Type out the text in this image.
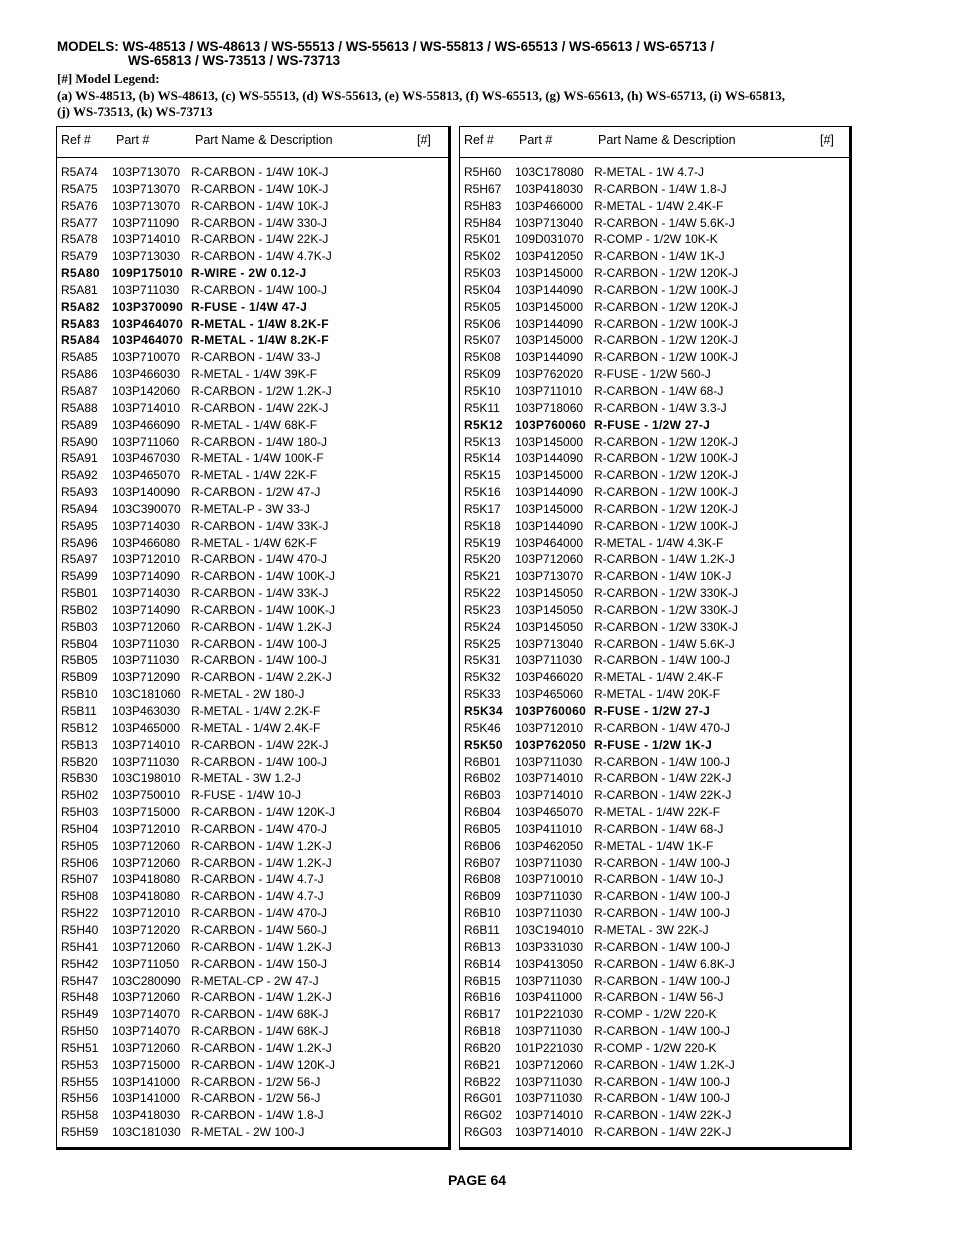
MODELS: WS-48513 / WS-48613 / WS-55513 / WS-55613 / WS-55813 / WS-65513 / WS-65613 / WS-65713 /
WS-65813 / WS-73513 / WS-73713
[#] Model Legend:
(a) WS-48513, (b) WS-48613, (c) WS-55513, (d) WS-55613, (e) WS-55813, (f) WS-65513, (g) WS-65613, (h) WS-65713, (i) WS-65813,
(j) WS-73513, (k) WS-73713
Ref # Part #	Part Name & Description	[#]
R5A74 103P713070 R-CARBON - 1/4W 10K-J
R5A75 103P713070 R-CARBON - 1/4W 10K-J
R5A76 103P713070 R-CARBON - 1/4W 10K-J
R5A77 103P711090 R-CARBON - 1/4W 330-J
R5A78 103P714010 R-CARBON - 1/4W 22K-J
R5A79 103P713030 R-CARBON - 1/4W 4.7K-J
R5A80 109P175010 R-WIRE - 2W 0.12-J
R5A81 103P711030 R-CARBON - 1/4W 100-J
R5A82 103P370090 R-FUSE - 1/4W 47-J
R5A83 103P464070 R-METAL - 1/4W 8.2K-F
R5A84 103P464070 R-METAL - 1/4W 8.2K-F
R5A85 103P710070 R-CARBON - 1/4W 33-J
R5A86 103P466030 R-METAL - 1/4W 39K-F
R5A87 103P142060 R-CARBON - 1/2W 1.2K-J
R5A88 103P714010 R-CARBON - 1/4W 22K-J
R5A89 103P466090 R-METAL - 1/4W 68K-F
R5A90 103P711060 R-CARBON - 1/4W 180-J
R5A91 103P467030 R-METAL - 1/4W 100K-F
R5A92 103P465070 R-METAL - 1/4W 22K-F
R5A93 103P140090 R-CARBON - 1/2W 47-J
R5A94 103C390070 R-METAL-P - 3W 33-J
R5A95 103P714030 R-CARBON - 1/4W 33K-J
R5A96 103P466080 R-METAL - 1/4W 62K-F
R5A97 103P712010 R-CARBON - 1/4W 470-J
R5A99 103P714090 R-CARBON - 1/4W 100K-J
R5B01 103P714030 R-CARBON - 1/4W 33K-J
R5B02 103P714090 R-CARBON - 1/4W 100K-J
R5B03 103P712060 R-CARBON - 1/4W 1.2K-J
R5B04 103P711030 R-CARBON - 1/4W 100-J
R5B05 103P711030 R-CARBON - 1/4W 100-J
R5B09 103P712090 R-CARBON - 1/4W 2.2K-J
R5B10 103C181060 R-METAL - 2W 180-J
R5B11 103P463030 R-METAL - 1/4W 2.2K-F
R5B12 103P465000 R-METAL - 1/4W 2.4K-F
R5B13 103P714010 R-CARBON - 1/4W 22K-J
R5B20 103P711030 R-CARBON - 1/4W 100-J
R5B30 103C198010 R-METAL - 3W 1.2-J
R5H02 103P750010 R-FUSE - 1/4W 10-J
R5H03 103P715000 R-CARBON - 1/4W 120K-J
R5H04 103P712010 R-CARBON - 1/4W 470-J
R5H05 103P712060 R-CARBON - 1/4W 1.2K-J
R5H06 103P712060 R-CARBON - 1/4W 1.2K-J
R5H07 103P418080 R-CARBON - 1/4W 4.7-J
R5H08 103P418080 R-CARBON - 1/4W 4.7-J
R5H22 103P712010 R-CARBON - 1/4W 470-J
R5H40 103P712020 R-CARBON - 1/4W 560-J
R5H41 103P712060 R-CARBON - 1/4W 1.2K-J
R5H42 103P711050 R-CARBON - 1/4W 150-J
R5H47 103C280090 R-METAL-CP - 2W 47-J
R5H48 103P712060 R-CARBON - 1/4W 1.2K-J
R5H49 103P714070 R-CARBON - 1/4W 68K-J
R5H50 103P714070 R-CARBON - 1/4W 68K-J
R5H51 103P712060 R-CARBON - 1/4W 1.2K-J
R5H53 103P715000 R-CARBON - 1/4W 120K-J
R5H55 103P141000 R-CARBON - 1/2W 56-J
R5H56 103P141000 R-CARBON - 1/2W 56-J
R5H58 103P418030 R-CARBON - 1/4W 1.8-J
R5H59 103C181030 R-METAL - 2W 100-J
Ref # Part #	Part Name & Description	[#]
R5H60 103C178080 R-METAL - 1W 4.7-J
R5H67 103P418030 R-CARBON - 1/4W 1.8-J
R5H83 103P466000 R-METAL - 1/4W 2.4K-F
R5H84 103P713040 R-CARBON - 1/4W 5.6K-J
R5K01 109D031070 R-COMP - 1/2W 10K-K
R5K02 103P412050 R-CARBON - 1/4W 1K-J
R5K03 103P145000 R-CARBON - 1/2W 120K-J
R5K04 103P144090 R-CARBON - 1/2W 100K-J
R5K05 103P145000 R-CARBON - 1/2W 120K-J
R5K06 103P144090 R-CARBON - 1/2W 100K-J
R5K07 103P145000 R-CARBON - 1/2W 120K-J
R5K08 103P144090 R-CARBON - 1/2W 100K-J
R5K09 103P762020 R-FUSE - 1/2W 560-J
R5K10 103P711010 R-CARBON - 1/4W 68-J
R5K11 103P718060 R-CARBON - 1/4W 3.3-J
R5K12 103P760060 R-FUSE - 1/2W 27-J
R5K13 103P145000 R-CARBON - 1/2W 120K-J
R5K14 103P144090 R-CARBON - 1/2W 100K-J
R5K15 103P145000 R-CARBON - 1/2W 120K-J
R5K16 103P144090 R-CARBON - 1/2W 100K-J
R5K17 103P145000 R-CARBON - 1/2W 120K-J
R5K18 103P144090 R-CARBON - 1/2W 100K-J
R5K19 103P464000 R-METAL - 1/4W 4.3K-F
R5K20 103P712060 R-CARBON - 1/4W 1.2K-J
R5K21 103P713070 R-CARBON - 1/4W 10K-J
R5K22 103P145050 R-CARBON - 1/2W 330K-J
R5K23 103P145050 R-CARBON - 1/2W 330K-J
R5K24 103P145050 R-CARBON - 1/2W 330K-J
R5K25 103P713040 R-CARBON - 1/4W 5.6K-J
R5K31 103P711030 R-CARBON - 1/4W 100-J
R5K32 103P466020 R-METAL - 1/4W 2.4K-F
R5K33 103P465060 R-METAL - 1/4W 20K-F
R5K34 103P760060 R-FUSE - 1/2W 27-J
R5K46 103P712010 R-CARBON - 1/4W 470-J
R5K50 103P762050 R-FUSE - 1/2W 1K-J
R6B01 103P711030 R-CARBON - 1/4W 100-J
R6B02 103P714010 R-CARBON - 1/4W 22K-J
R6B03 103P714010 R-CARBON - 1/4W 22K-J
R6B04 103P465070 R-METAL - 1/4W 22K-F
R6B05 103P411010 R-CARBON - 1/4W 68-J
R6B06 103P462050 R-METAL - 1/4W 1K-F
R6B07 103P711030 R-CARBON - 1/4W 100-J
R6B08 103P710010 R-CARBON - 1/4W 10-J
R6B09 103P711030 R-CARBON - 1/4W 100-J
R6B10 103P711030 R-CARBON - 1/4W 100-J
R6B11 103C194010 R-METAL - 3W 22K-J
R6B13 103P331030 R-CARBON - 1/4W 100-J
R6B14 103P413050 R-CARBON - 1/4W 6.8K-J
R6B15 103P711030 R-CARBON - 1/4W 100-J
R6B16 103P411000 R-CARBON - 1/4W 56-J
R6B17 101P221030 R-COMP - 1/2W 220-K
R6B18 103P711030 R-CARBON - 1/4W 100-J
R6B20 101P221030 R-COMP - 1/2W 220-K
R6B21 103P712060 R-CARBON - 1/4W 1.2K-J
R6B22 103P711030 R-CARBON - 1/4W 100-J
R6G01 103P711030 R-CARBON - 1/4W 100-J
R6G02 103P714010 R-CARBON - 1/4W 22K-J
R6G03 103P714010 R-CARBON - 1/4W 22K-J
PAGE 64
